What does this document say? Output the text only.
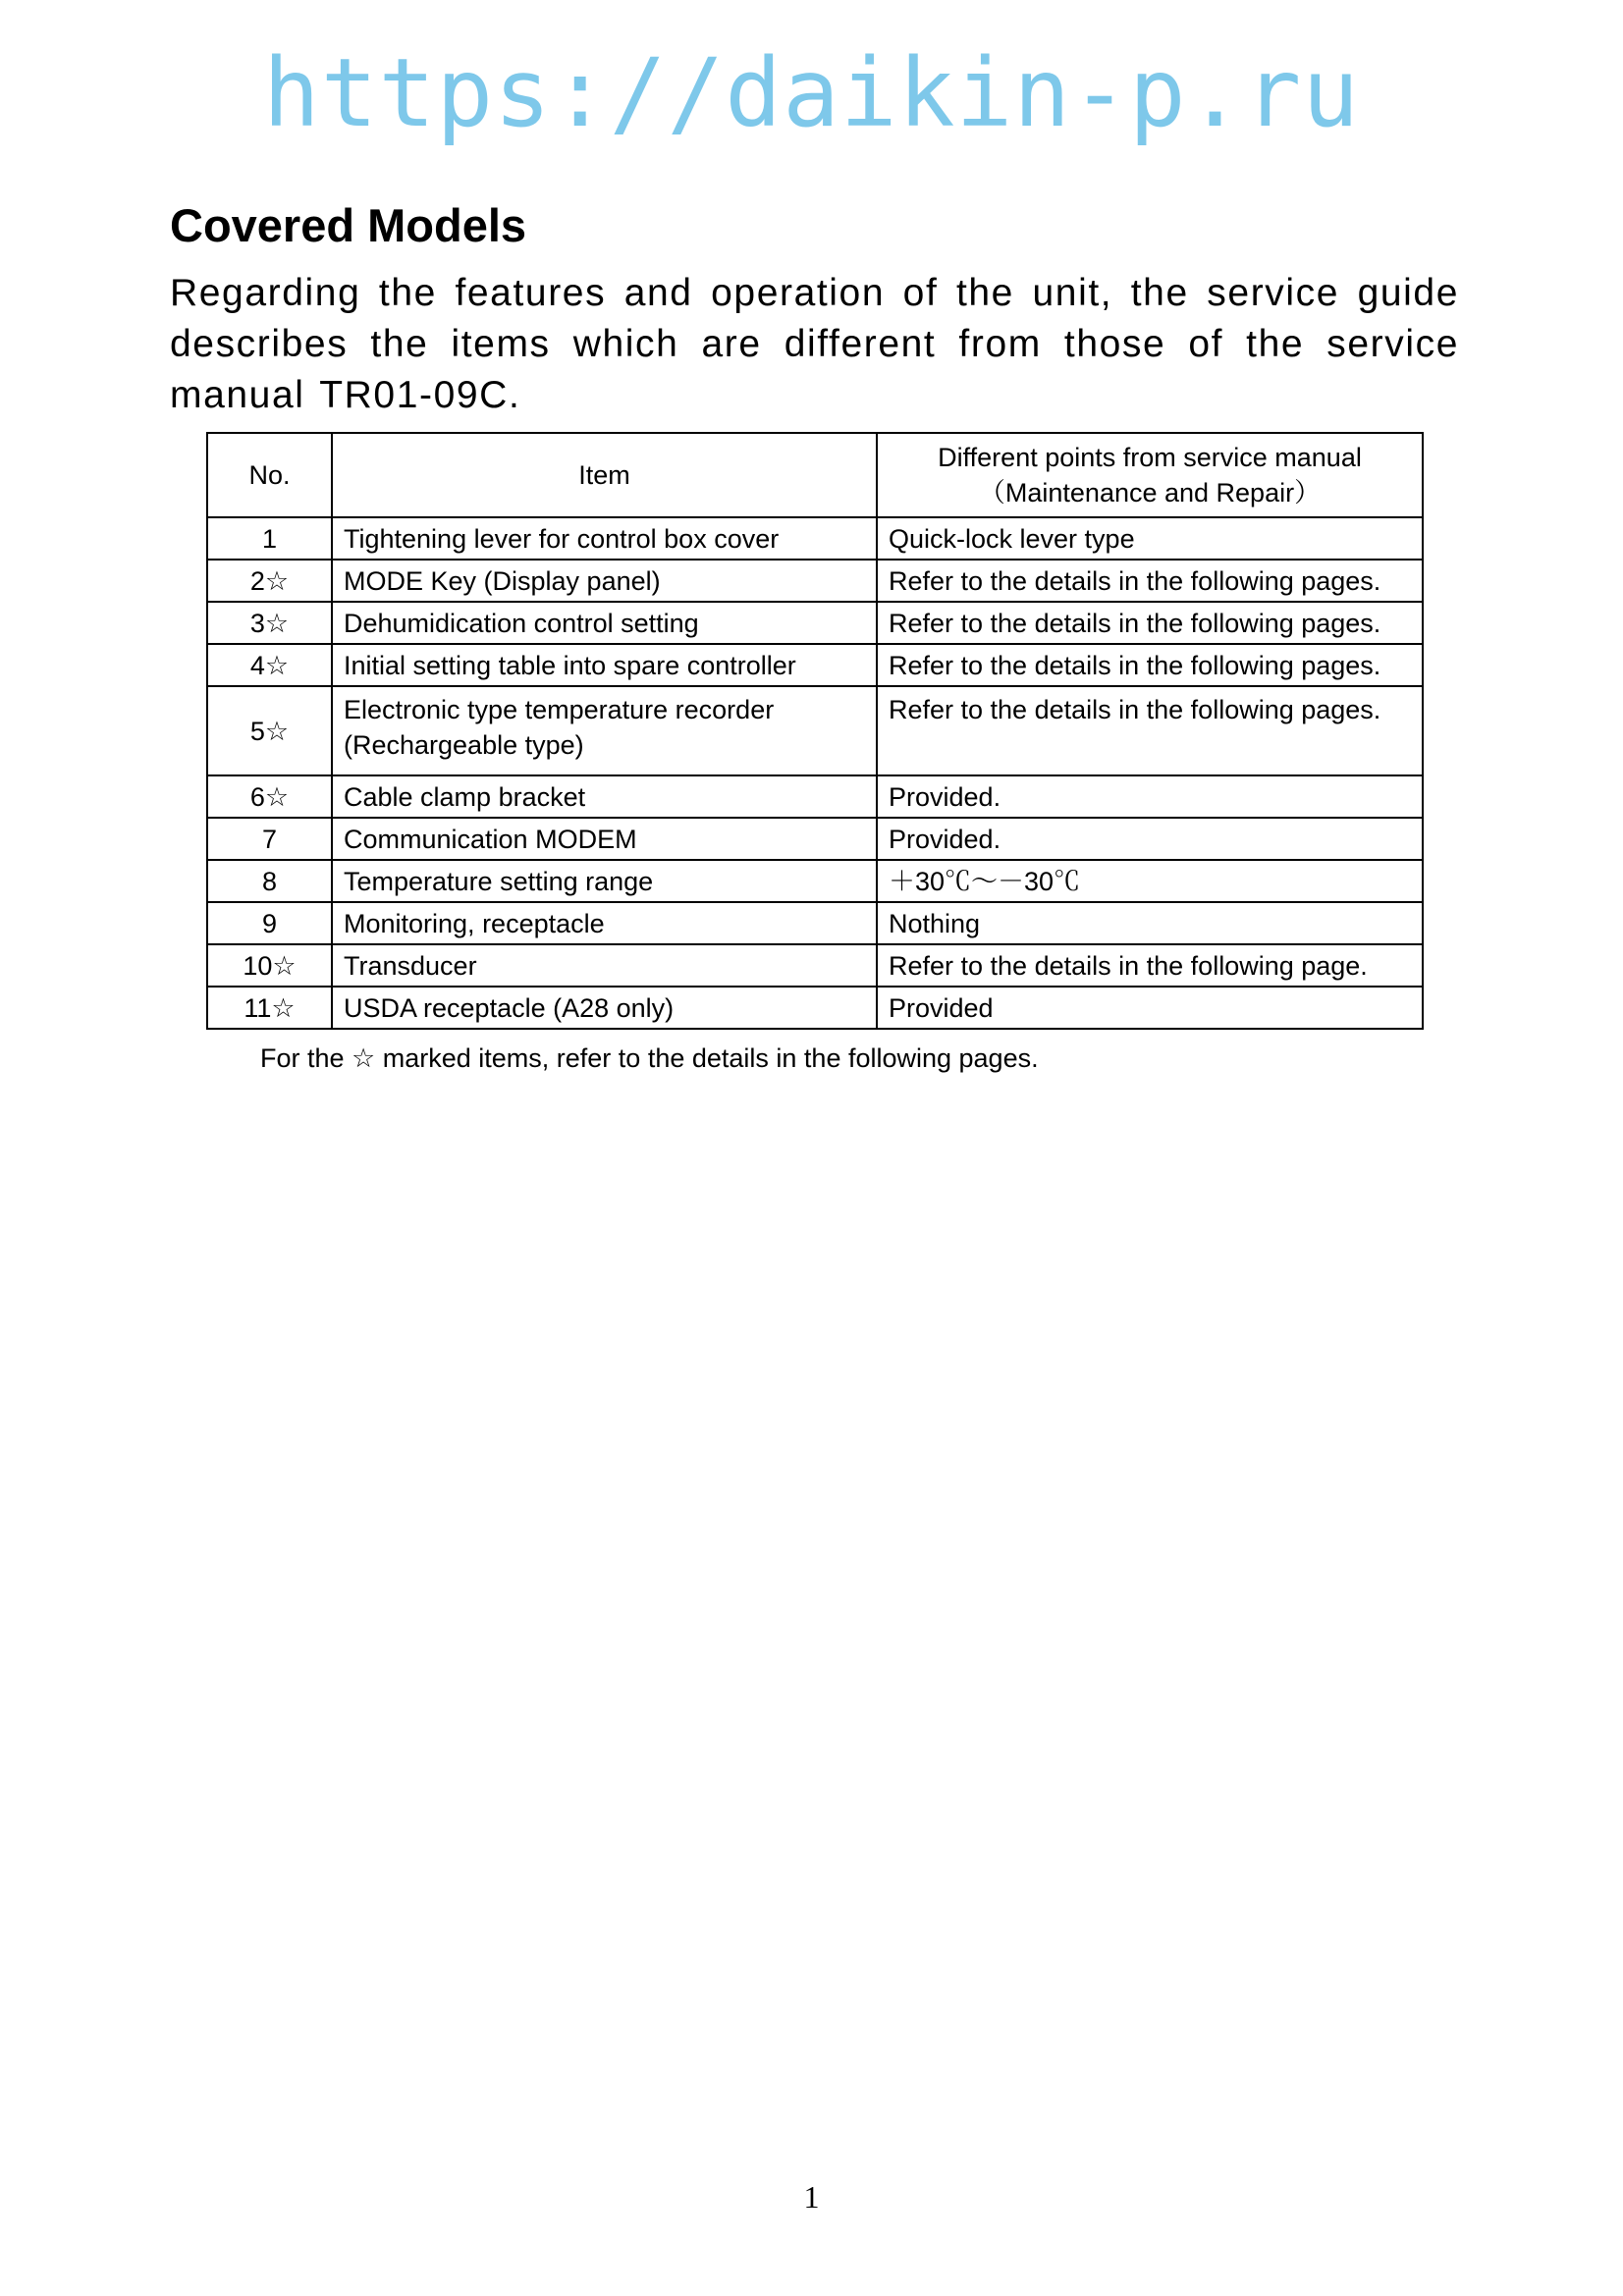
https://daikin-p.ru
Covered Models

Regarding the features and operation of the unit, the service guide describes the items which are different from those of the service manual TR01-09C.

No.	Item	Different points from service manual
（Maintenance and Repair）

1	Tightening lever for control box cover	Quick-lock lever type
2☆	MODE Key (Display panel)	Refer to the details in the following pages.
3☆	Dehumidication control setting	Refer to the details in the following pages.
4☆	Initial setting table into spare controller	Refer to the details in the following pages.
5☆	Electronic type temperature recorder
(Rechargeable type)	Refer to the details in the following pages.
6☆	Cable clamp bracket	Provided.
7	Communication MODEM	Provided.
8	Temperature setting range	＋30℃～－30℃
9	Monitoring, receptacle	Nothing
10☆	Transducer	Refer to the details in the following page.
11☆	USDA receptacle (A28 only)	Provided

For the ☆ marked items, refer to the details in the following pages.

1
